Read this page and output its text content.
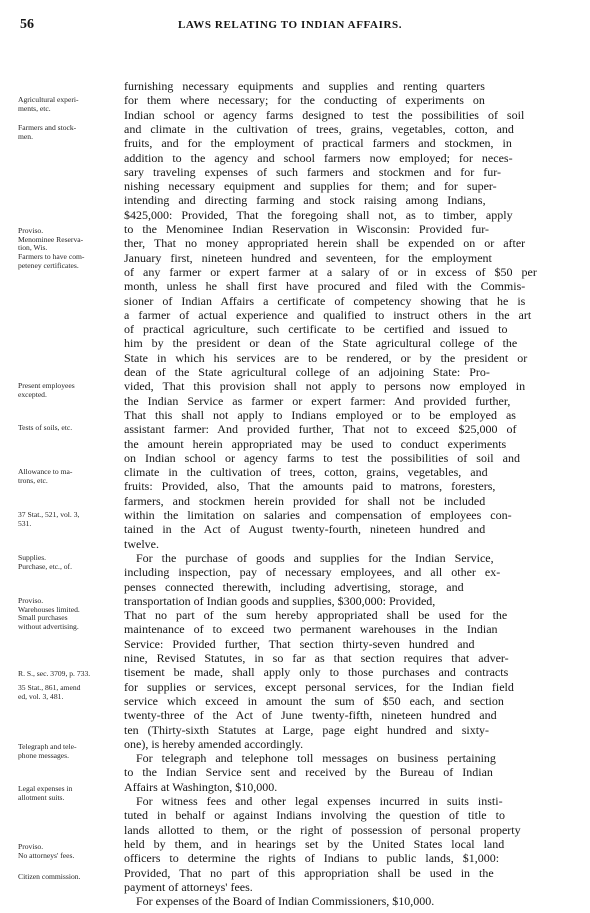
56	LAWS RELATING TO INDIAN AFFAIRS.
Agricultural experi-
ments, etc.
Farmers and stock-
men.
Proviso.
Menominee Reserva-
tion, Wis.
Farmers to have com-
peteney certificates.
Present employees
excepted.
Tests of soils, etc.
Allowance to ma-
trons, etc.
37 Stat., 521, vol. 3,
531.
Supplies.
Purchase, etc., of.
Proviso.
Warehouses limited.
Small purchases
without advertising.
R. S., sec. 3709, p. 733.
35 Stat., 861, amend
ed, vol. 3, 481.
Telegraph and tele-
phone messages.
Legal expenses in
allotment suits.
Proviso.
No attorneys' fees.
Citizen commission.
furnishing necessary equipments and supplies and renting quarters
for them where necessary; for the conducting of experiments on
Indian school or agency farms designed to test the possibilities of soil
and climate in the cultivation of trees, grains, vegetables, cotton, and
fruits, and for the employment of practical farmers and stockmen, in
addition to the agency and school farmers now employed; for neces-
sary traveling expenses of such farmers and stockmen and for fur-
nishing necessary equipment and supplies for them; and for super-
intending and directing farming and stock raising among Indians,
$425,000: Provided, That the foregoing shall not, as to timber, apply
to the Menominee Indian Reservation in Wisconsin: Provided fur-
ther, That no money appropriated herein shall be expended on or after
January first, nineteen hundred and seventeen, for the employment
of any farmer or expert farmer at a salary of or in excess of $50 per
month, unless he shall first have procured and filed with the Commis-
sioner of Indian Affairs a certificate of competency showing that he is
a farmer of actual experience and qualified to instruct others in the art
of practical agriculture, such certificate to be certified and issued to
him by the president or dean of the State agricultural college of the
State in which his services are to be rendered, or by the president or
dean of the State agricultural college of an adjoining State: Pro-
vided, That this provision shall not apply to persons now employed in
the Indian Service as farmer or expert farmer: And provided further,
That this shall not apply to Indians employed or to be employed as
assistant farmer: And provided further, That not to exceed $25,000 of
the amount herein appropriated may be used to conduct experiments
on Indian school or agency farms to test the possibilities of soil and
climate in the cultivation of trees, cotton, grains, vegetables, and
fruits: Provided, also, That the amounts paid to matrons, foresters,
farmers, and stockmen herein provided for shall not be included
within the limitation on salaries and compensation of employees con-
tained in the Act of August twenty-fourth, nineteen hundred and
twelve.
For the purchase of goods and supplies for the Indian Service,
including inspection, pay of necessary employees, and all other ex-
penses connected therewith, including advertising, storage, and
transportation of Indian goods and supplies, $300,000: Provided,
That no part of the sum hereby appropriated shall be used for the
maintenance of to exceed two permanent warehouses in the Indian
Service: Provided further, That section thirty-seven hundred and
nine, Revised Statutes, in so far as that section requires that adver-
tisement be made, shall apply only to those purchases and contracts
for supplies or services, except personal services, for the Indian field
service which exceed in amount the sum of $50 each, and section
twenty-three of the Act of June twenty-fifth, nineteen hundred and
ten (Thirty-sixth Statutes at Large, page eight hundred and sixty-
one), is hereby amended accordingly.
For telegraph and telephone toll messages on business pertaining
to the Indian Service sent and received by the Bureau of Indian
Affairs at Washington, $10,000.
For witness fees and other legal expenses incurred in suits insti-
tuted in behalf or against Indians involving the question of title to
lands allotted to them, or the right of possession of personal property
held by them, and in hearings set by the United States local land
officers to determine the rights of Indians to public lands, $1,000:
Provided, That no part of this appropriation shall be used in the
payment of attorneys' fees.
For expenses of the Board of Indian Commissioners, $10,000.
